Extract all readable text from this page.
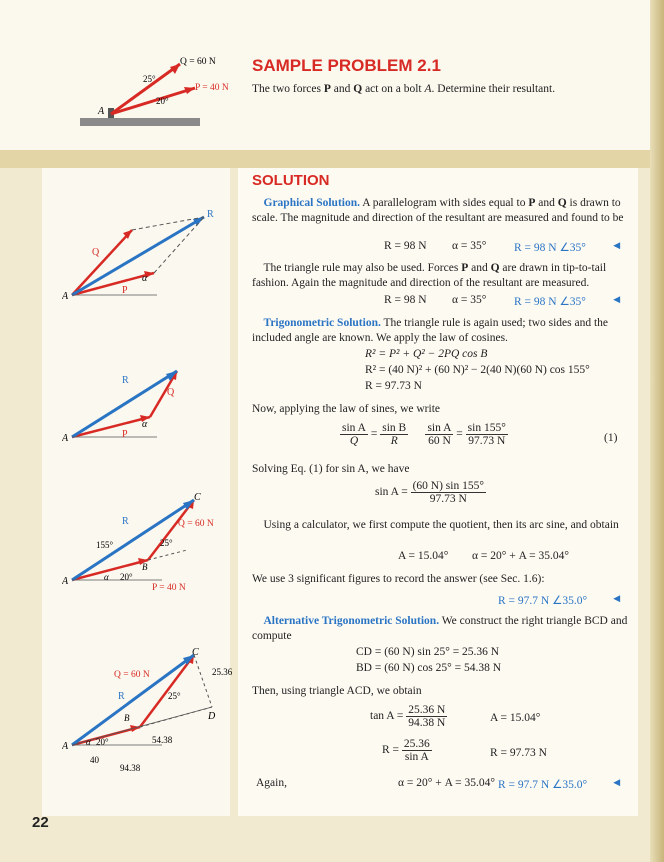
Q = 60 N
P = 40 N
25°
20°
A
R
Q
P
α
A
R
Q
P
α
A
C
R	Q = 60 N
155°	25°
B
α 20°
P = 40 N
A
C
Q = 60 N	25.36
R	25°
D
B
α 20°	54.38
A
40
94.38
SAMPLE PROBLEM 2.1
The two forces P and Q act on a bolt A. Determine their resultant.
SOLUTION
Graphical Solution. A parallelogram with sides equal to P and Q is drawn to scale. The magnitude and direction of the resultant are measured and found to be
R = 98 N α = 35° R = 98 N ∠35° ◄
The triangle rule may also be used. Forces P and Q are drawn in tip-to-tail fashion. Again the magnitude and direction of the resultant are measured.
R = 98 N α = 35° R = 98 N ∠35° ◄
Trigonometric Solution. The triangle rule is again used; two sides and the included angle are known. We apply the law of cosines.
R² = P² + Q² − 2PQ cos B
R² = (40 N)² + (60 N)² − 2(40 N)(60 N) cos 155°
R = 97.73 N
Now, applying the law of sines, we write
$\frac{\text{sin A}}{Q} = \frac{\text{sin B}}{R}$
$\frac{\text{sin A}}{60 N} = \frac{\sin 155^\circ}{97.73 N}$	(1)
Solving Eq. (1) for sin A, we have
$\sin A = \frac{(60 N) \sin 155^\circ}{97.73 N}$
Using a calculator, we first compute the quotient, then its arc sine, and obtain
A = 15.04° α = 20° + A = 35.04°
We use 3 significant figures to record the answer (see Sec. 1.6):
R = 97.7 N ∠35.0° ◄
Alternative Trigonometric Solution. We construct the right triangle BCD and compute
CD = (60 N) sin 25° = 25.36 N
BD = (60 N) cos 25° = 54.38 N
Then, using triangle ACD, we obtain
$\tan A = \frac{25.36 N}{94.38 N}$	A = 15.04°
$R = \frac{25.36}{\text{sin A}}$	R = 97.73 N
Again,	α = 20° + A = 35.04° R = 97.7 N ∠35.0° ◄
22
